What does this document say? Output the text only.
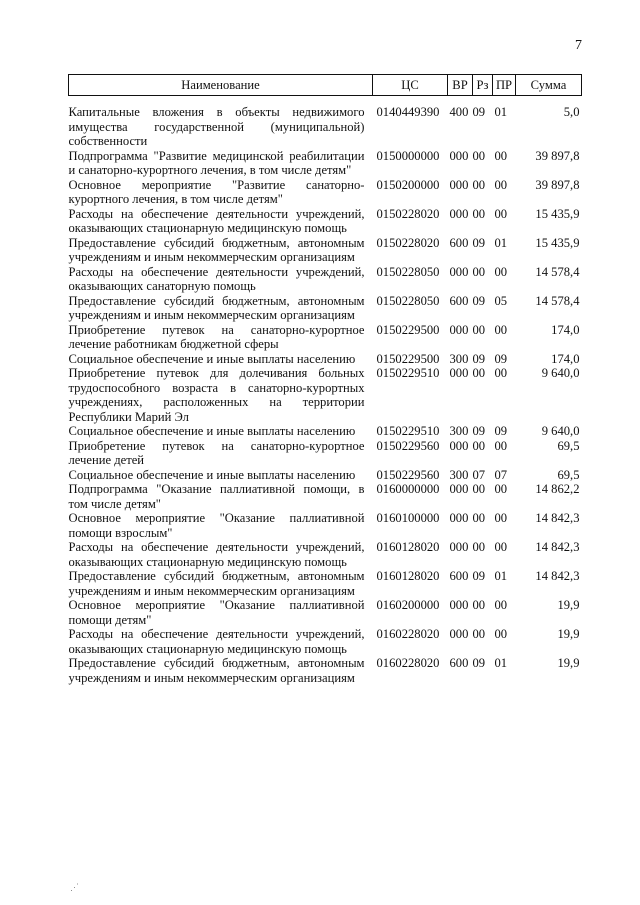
7
Наименование	ЦС	ВР	Рз	ПР	Сумма
Капитальные вложения в объекты недвижимого имущества государственной (муниципальной) собственности	0140449390	400	09	01	5,0
Подпрограмма "Развитие медицинской реабилитации и санаторно-курортного лечения, в том числе детям"	0150000000	000	00	00	39 897,8
Основное мероприятие "Развитие санаторно-курортного лечения, в том числе детям"	0150200000	000	00	00	39 897,8
Расходы на обеспечение деятельности учреждений, оказывающих стационарную медицинскую помощь	0150228020	000	00	00	15 435,9
Предоставление субсидий бюджетным, автономным учреждениям и иным некоммерческим организациям	0150228020	600	09	01	15 435,9
Расходы на обеспечение деятельности учреждений, оказывающих санаторную помощь	0150228050	000	00	00	14 578,4
Предоставление субсидий бюджетным, автономным учреждениям и иным некоммерческим организациям	0150228050	600	09	05	14 578,4
Приобретение путевок на санаторно-курортное лечение работникам бюджетной сферы	0150229500	000	00	00	174,0
Социальное обеспечение и иные выплаты населению	0150229500	300	09	09	174,0
Приобретение путевок для долечивания больных трудоспособного возраста в санаторно-курортных учреждениях, расположенных на территории Республики Марий Эл	0150229510	000	00	00	9 640,0
Социальное обеспечение и иные выплаты населению	0150229510	300	09	09	9 640,0
Приобретение путевок на санаторно-курортное лечение детей	0150229560	000	00	00	69,5
Социальное обеспечение и иные выплаты населению	0150229560	300	07	07	69,5
Подпрограмма "Оказание паллиативной помощи, в том числе детям"	0160000000	000	00	00	14 862,2
Основное мероприятие "Оказание паллиативной помощи взрослым"	0160100000	000	00	00	14 842,3
Расходы на обеспечение деятельности учреждений, оказывающих стационарную медицинскую помощь	0160128020	000	00	00	14 842,3
Предоставление субсидий бюджетным, автономным учреждениям и иным некоммерческим организациям	0160128020	600	09	01	14 842,3
Основное мероприятие "Оказание паллиативной помощи детям"	0160200000	000	00	00	19,9
Расходы на обеспечение деятельности учреждений, оказывающих стационарную медицинскую помощь	0160228020	000	00	00	19,9
Предоставление субсидий бюджетным, автономным учреждениям и иным некоммерческим организациям	0160228020	600	09	01	19,9
⋰
